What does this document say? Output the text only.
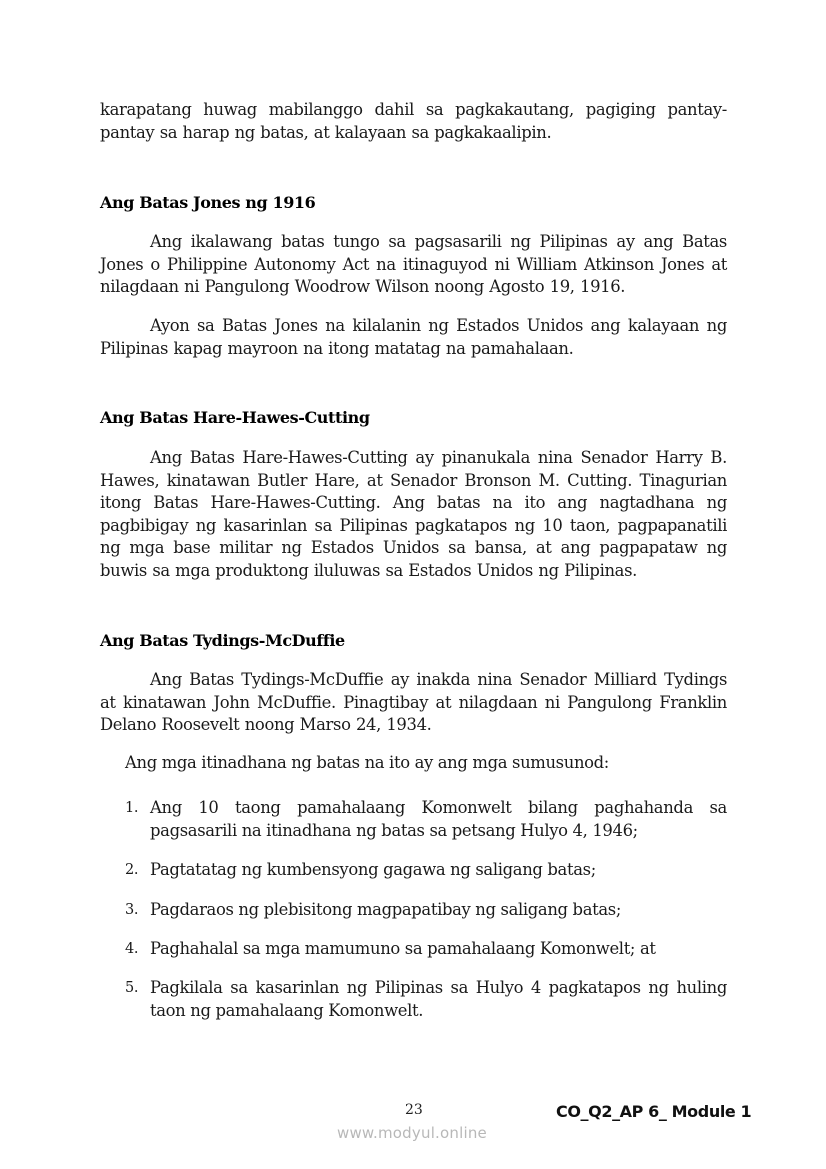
karapatang huwag mabilanggo dahil sa pagkakautang, pagiging pantay-pantay sa harap ng batas, at kalayaan sa pagkakaalipin.

Ang Batas Jones ng 1916

Ang ikalawang batas tungo sa pagsasarili ng Pilipinas ay ang Batas Jones o Philippine Autonomy Act na itinaguyod ni William Atkinson Jones at nilagdaan ni Pangulong Woodrow Wilson noong Agosto 19, 1916.

Ayon sa Batas Jones na kilalanin ng Estados Unidos ang kalayaan ng Pilipinas kapag mayroon na itong matatag na pamahalaan.

Ang Batas Hare-Hawes-Cutting

Ang Batas Hare-Hawes-Cutting ay pinanukala nina Senador Harry B. Hawes, kinatawan Butler Hare, at Senador Bronson M. Cutting. Tinagurian itong Batas Hare-Hawes-Cutting. Ang batas na ito ang nagtadhana ng pagbibigay ng kasarinlan sa Pilipinas pagkatapos ng 10 taon, pagpapanatili ng mga base militar ng Estados Unidos sa bansa, at ang pagpapataw ng buwis sa mga produktong iluluwas sa Estados Unidos ng Pilipinas.

Ang Batas Tydings-McDuffie

Ang Batas Tydings-McDuffie ay inakda nina Senador Milliard Tydings at kinatawan John McDuffie. Pinagtibay at nilagdaan ni Pangulong Franklin Delano Roosevelt noong Marso 24, 1934.

Ang mga itinadhana ng batas na ito ay ang mga sumusunod:

1. Ang 10 taong pamahalaang Komonwelt bilang paghahanda sa pagsasarili na itinadhana ng batas sa petsang Hulyo 4, 1946;
2. Pagtatatag ng kumbensyong gagawa ng saligang batas;
3. Pagdaraos ng plebisitong magpapatibay ng saligang batas;
4. Paghahalal sa mga mamumuno sa pamahalaang Komonwelt; at
5. Pagkilala sa kasarinlan ng Pilipinas sa Hulyo 4 pagkatapos ng huling taon ng pamahalaang Komonwelt.
23	CO_Q2_AP 6_ Module 1
www.modyul.online
